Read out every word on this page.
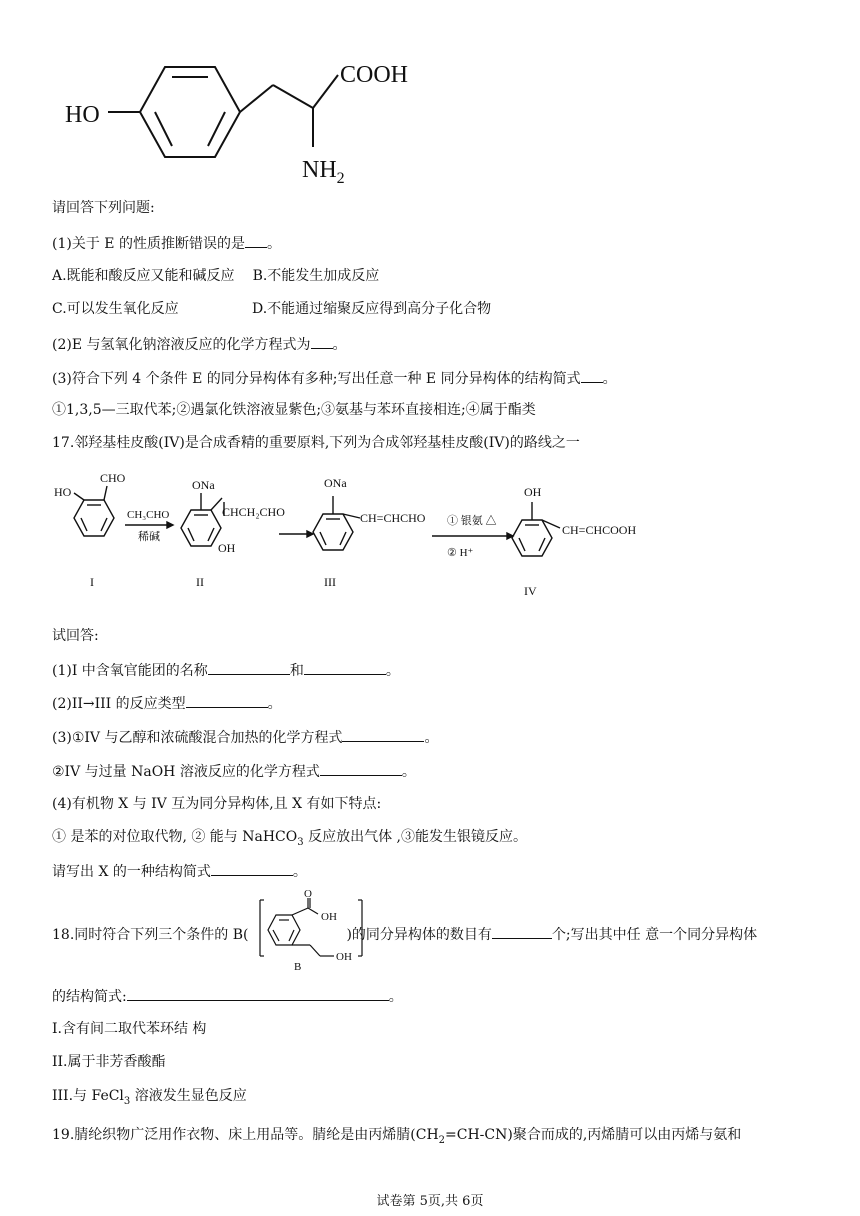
HO
COOH
$NH_2$
请回答下列问题:
(1)关于 E 的性质推断错误的是 。
A.既能和酸反应又能和碱反应 B.不能发生加成反应
C.可以发生氧化反应	D.不能通过缩聚反应得到高分子化合物
(2)E 与氢氧化钠溶液反应的化学方程式为 。
(3)符合下列 4 个条件 E 的同分异构体有多种;写出任意一种 E 同分异构体的结构简式 。
①1,3,5—三取代苯;②遇氯化铁溶液显紫色;③氨基与苯环直接相连;④属于酯类
17.邻羟基桂皮酸(IV)是合成香精的重要原料,下列为合成邻羟基桂皮酸(IV)的路线之一
CHO
HO
I
CH₃CHO
稀碱
ONa
CHCH₂CHO
OH
II
ONa
CH=CHCHO
III
① 银氨 △
② H⁺
OH
CH=CHCOOH
IV
试回答:
(1)I 中含氧官能团的名称	和	。
(2)II→III 的反应类型	。
(3)①IV 与乙醇和浓硫酸混合加热的化学方程式	。
②IV 与过量 NaOH 溶液反应的化学方程式	。
(4)有机物 X 与 IV 互为同分异构体,且 X 有如下特点:
① 是苯的对位取代物, ② 能与 NaHCO$_3$ 反应放出气体 ,③能发生银镜反应。
请写出 X 的一种结构简式	。
18.同时符合下列三个条件的 B(	)的同分异构体的数目有	个;写出其中任 意一个同分异构体
O
OH
OH
B
的结构简式:	。
I.含有间二取代苯环结 构
II.属于非芳香酸酯
III.与 FeCl$_3$ 溶液发生显色反应
19.腈纶织物广泛用作衣物、床上用品等。腈纶是由丙烯腈$(CH_2=CH-CN)$聚合而成的,丙烯腈可以由丙烯与氨和
试卷第 5页,共 6页
